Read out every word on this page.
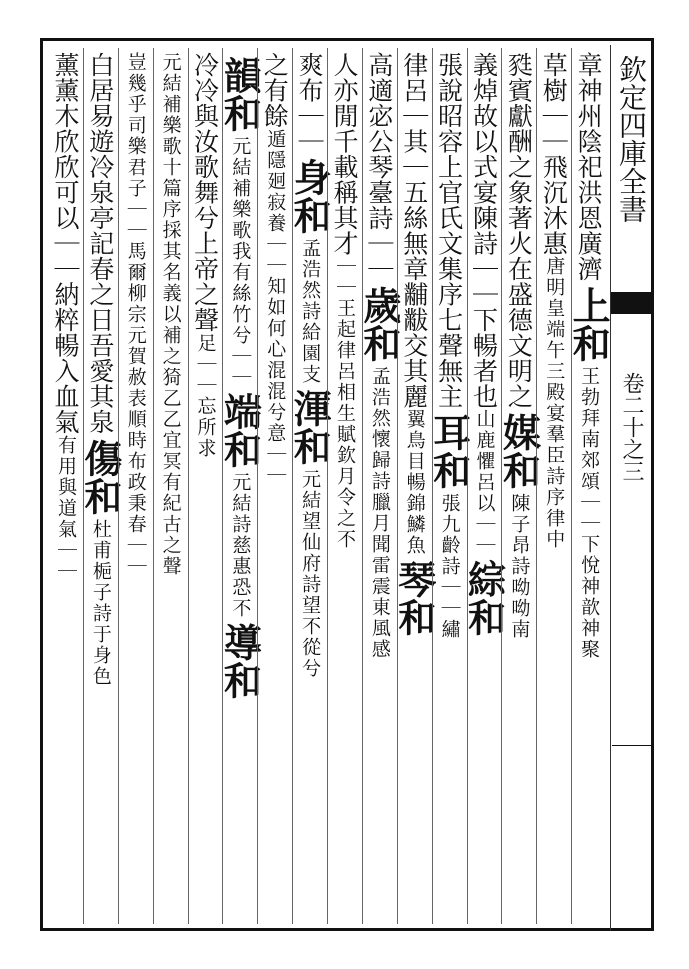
欽定四庫全書
卷二十之三
章神州陰祀洪恩廣濟
上和
王勃拜南郊頌｜｜下悅神歆神聚
草樹｜｜飛沉沐惠
唐明皇端午三殿宴羣臣詩序律中
甤賓獻酬之象著火在盛德文明之
媒和
陳子昂詩呦呦南
義焯故以式宴陳詩｜｜下暢者也
山鹿懼呂以｜｜
綜和
張說昭容上官氏文集序七聲無主
耳和
張九齡詩｜｜繡
律呂｜其｜五絲無章黼黻交其麗
翼鳥目暢錦鱗魚
琴和
高適宓公琴臺詩｜｜
歲和
孟浩然懷歸詩臘月聞雷震東風感
人亦閒千載稱其才
｜｜王起律呂相生賦欽月令之不
爽布｜｜
身和
孟浩然詩給園支
渾和
元結望仙府詩望不從兮
之有餘
遁隱㢠寂養｜｜
知如何心混混兮意｜｜
韻和
元結補樂歌我有絲竹兮｜｜
端和
元結詩慈惠恐不
導和
冷冷與汝歌舞兮上帝之聲
足｜｜忘所求
元結補樂歌十篇序採其名義以補之猗乙乙宜冥有紀古之聲
豈幾乎司樂君子｜｜馬爾柳宗元賀赦表順時布政秉春｜｜
白居易遊冷泉亭記春之日吾愛其泉
傷和
杜甫梔子詩于身色
薰薰木欣欣可以｜｜納粹暢入血氣
有用與道氣｜｜
